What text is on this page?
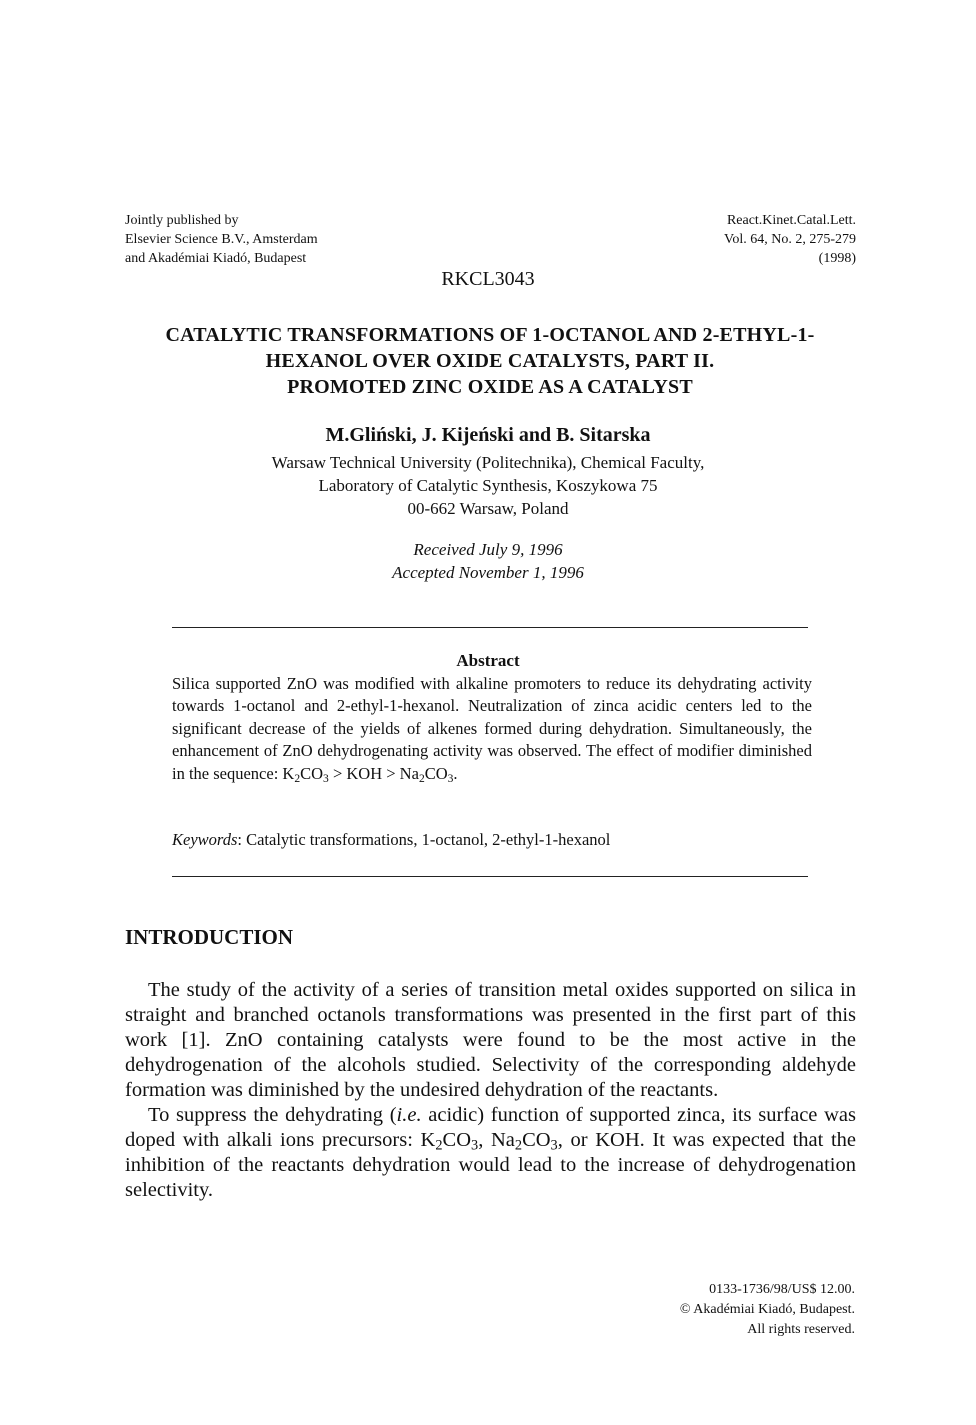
Jointly published by
Elsevier Science B.V., Amsterdam
and Akadémiai Kiadó, Budapest
React.Kinet.Catal.Lett.
Vol. 64, No. 2, 275-279
(1998)
RKCL3043
CATALYTIC TRANSFORMATIONS OF 1-OCTANOL AND 2-ETHYL-1-
HEXANOL OVER OXIDE CATALYSTS, PART II.
PROMOTED ZINC OXIDE AS A CATALYST
M.Gliński, J. Kijeński and B. Sitarska
Warsaw Technical University (Politechnika), Chemical Faculty,
Laboratory of Catalytic Synthesis, Koszykowa 75
00-662 Warsaw, Poland
Received July 9, 1996
Accepted November 1, 1996
Abstract
Silica supported ZnO was modified with alkaline promoters to reduce its dehydrating activity towards 1-octanol and 2-ethyl-1-hexanol. Neutralization of zinca acidic centers led to the significant decrease of the yields of alkenes formed during dehydration. Simultaneously, the enhancement of ZnO dehydrogenating activity was observed. The effect of modifier diminished in the sequence: $K_2CO_3$ > KOH > $Na_2CO_3$.
Keywords: Catalytic transformations, 1-octanol, 2-ethyl-1-hexanol
INTRODUCTION

The study of the activity of a series of transition metal oxides supported on silica in straight and branched octanols transformations was presented in the first part of this work [1]. ZnO containing catalysts were found to be the most active in the dehydrogenation of the alcohols studied. Selectivity of the corresponding aldehyde formation was diminished by the undesired dehydration of the reactants.

To suppress the dehydrating (i.e. acidic) function of supported zinca, its surface was doped with alkali ions precursors: $K_2CO_3$, $Na_2CO_3$, or KOH. It was expected that the inhibition of the reactants dehydration would lead to the increase of dehydrogenation selectivity.

0133-1736/98/US$ 12.00.
© Akadémiai Kiadó, Budapest.
All rights reserved.
